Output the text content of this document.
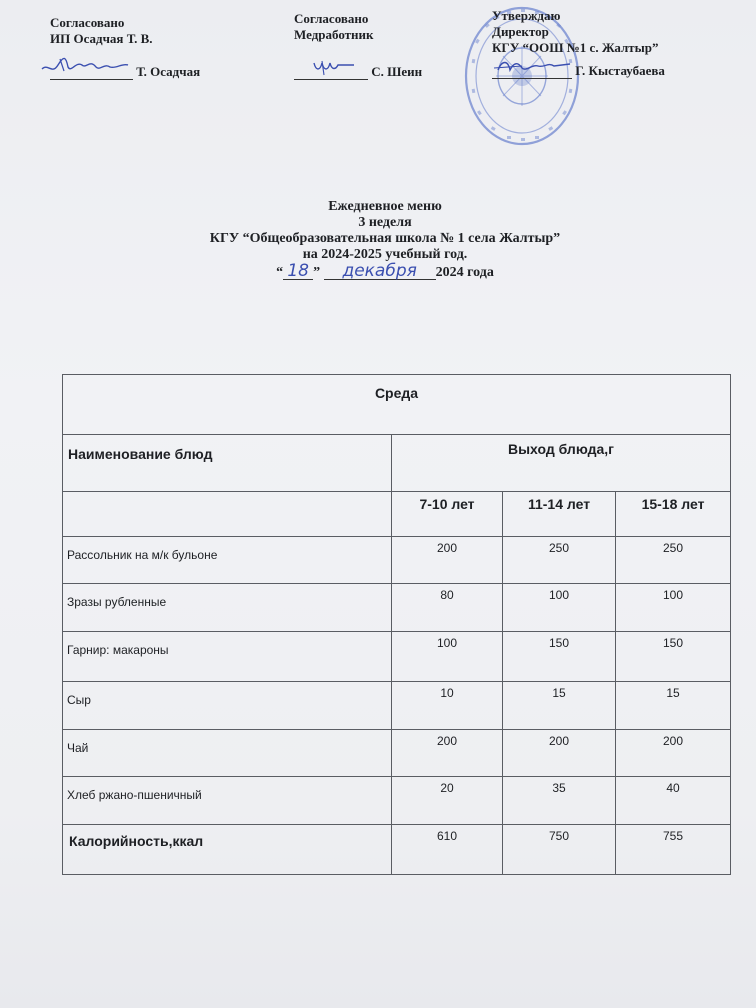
Согласовано
ИП Осадчая Т. В.
Т. Осадчая
Согласовано
Медработник
С. Шеин
Утверждаю
Директор
КГУ “ООШ №1 с. Жалтыр”
Г. Кыстаубаева
Ежедневное меню
3 неделя
КГУ “Общеобразовательная школа № 1 села Жалтыр”
на 2024-2025 учебный год.
“ 18 ” декабря 2024 года
Среда			
Наименование блюд	Выход блюда,г		
	7-10 лет	11-14 лет	15-18 лет
Рассольник на м/к бульоне	200	250	250
Зразы рубленные	80	100	100
Гарнир: макароны	100	150	150
Сыр	10	15	15
Чай	200	200	200
Хлеб ржано-пшеничный	20	35	40
Калорийность,ккал	610	750	755
